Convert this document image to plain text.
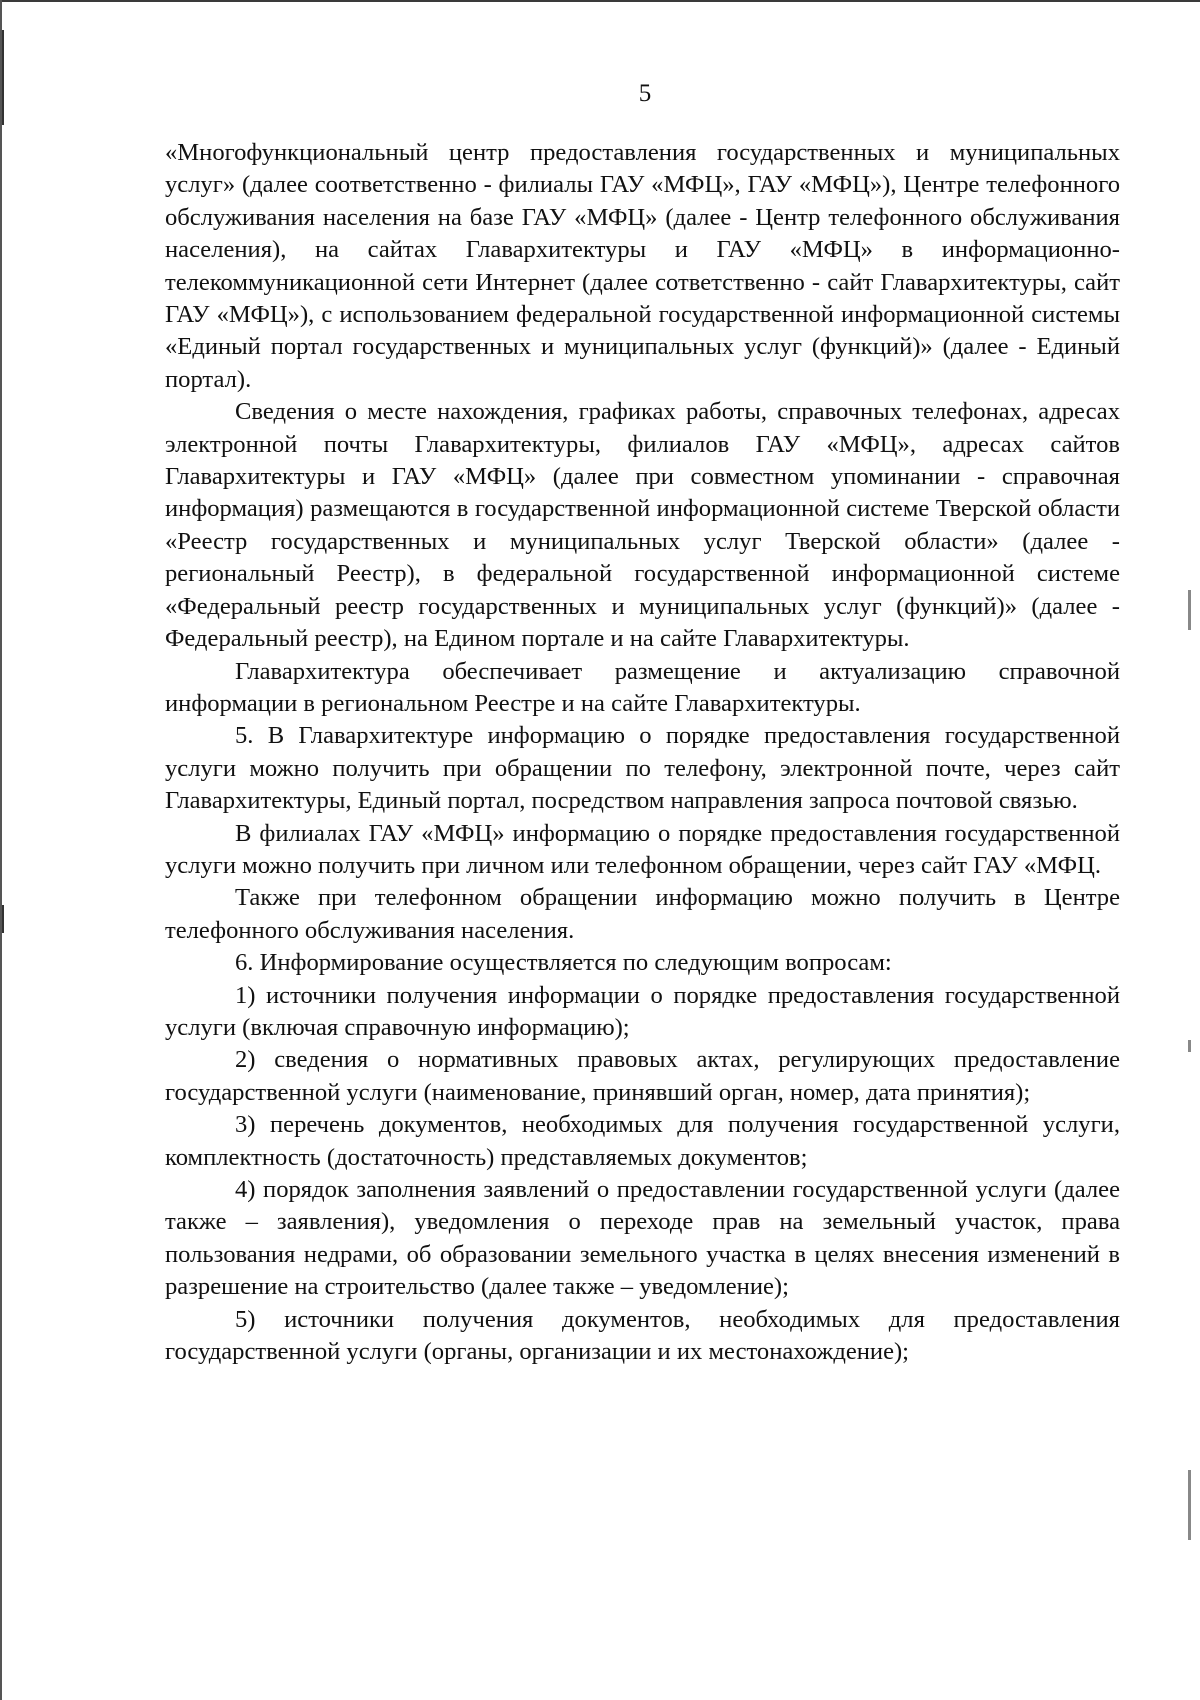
5

«Многофункциональный центр предоставления государственных и муниципальных услуг» (далее соответственно - филиалы ГАУ «МФЦ», ГАУ «МФЦ»), Центре телефонного обслуживания населения на базе ГАУ «МФЦ» (далее - Центр телефонного обслуживания населения), на сайтах Главархитектуры и ГАУ «МФЦ» в информационно-телекоммуникационной сети Интернет (далее сответственно - сайт Главархитектуры, сайт ГАУ «МФЦ»), с использованием федеральной государственной информационной системы «Единый портал государственных и муниципальных услуг (функций)» (далее - Единый портал).

Сведения о месте нахождения, графиках работы, справочных телефонах, адресах электронной почты Главархитектуры, филиалов ГАУ «МФЦ», адресах сайтов Главархитектуры и ГАУ «МФЦ» (далее при совместном упоминании - справочная информация) размещаются в государственной информационной системе Тверской области «Реестр государственных и муниципальных услуг Тверской области» (далее - региональный Реестр), в федеральной государственной информационной системе «Федеральный реестр государственных и муниципальных услуг (функций)» (далее - Федеральный реестр), на Едином портале и на сайте Главархитектуры.

Главархитектура обеспечивает размещение и актуализацию справочной информации в региональном Реестре и на сайте Главархитектуры.

5. В Главархитектуре информацию о порядке предоставления государственной услуги можно получить при обращении по телефону, электронной почте, через сайт Главархитектуры, Единый портал, посредством направления запроса почтовой связью.

В филиалах ГАУ «МФЦ» информацию о порядке предоставления государственной услуги можно получить при личном или телефонном обращении, через сайт ГАУ «МФЦ.

Также при телефонном обращении информацию можно получить в Центре телефонного обслуживания населения.

6. Информирование осуществляется по следующим вопросам:

1) источники получения информации о порядке предоставления государственной услуги (включая справочную информацию);

2) сведения о нормативных правовых актах, регулирующих предоставление государственной услуги (наименование, принявший орган, номер, дата принятия);

3) перечень документов, необходимых для получения государственной услуги, комплектность (достаточность) представляемых документов;

4) порядок заполнения заявлений о предоставлении государственной услуги (далее также – заявления), уведомления о переходе прав на земельный участок, права пользования недрами, об образовании земельного участка в целях внесения изменений в разрешение на строительство (далее также – уведомление);

5) источники получения документов, необходимых для предоставления государственной услуги (органы, организации и их местонахождение);
